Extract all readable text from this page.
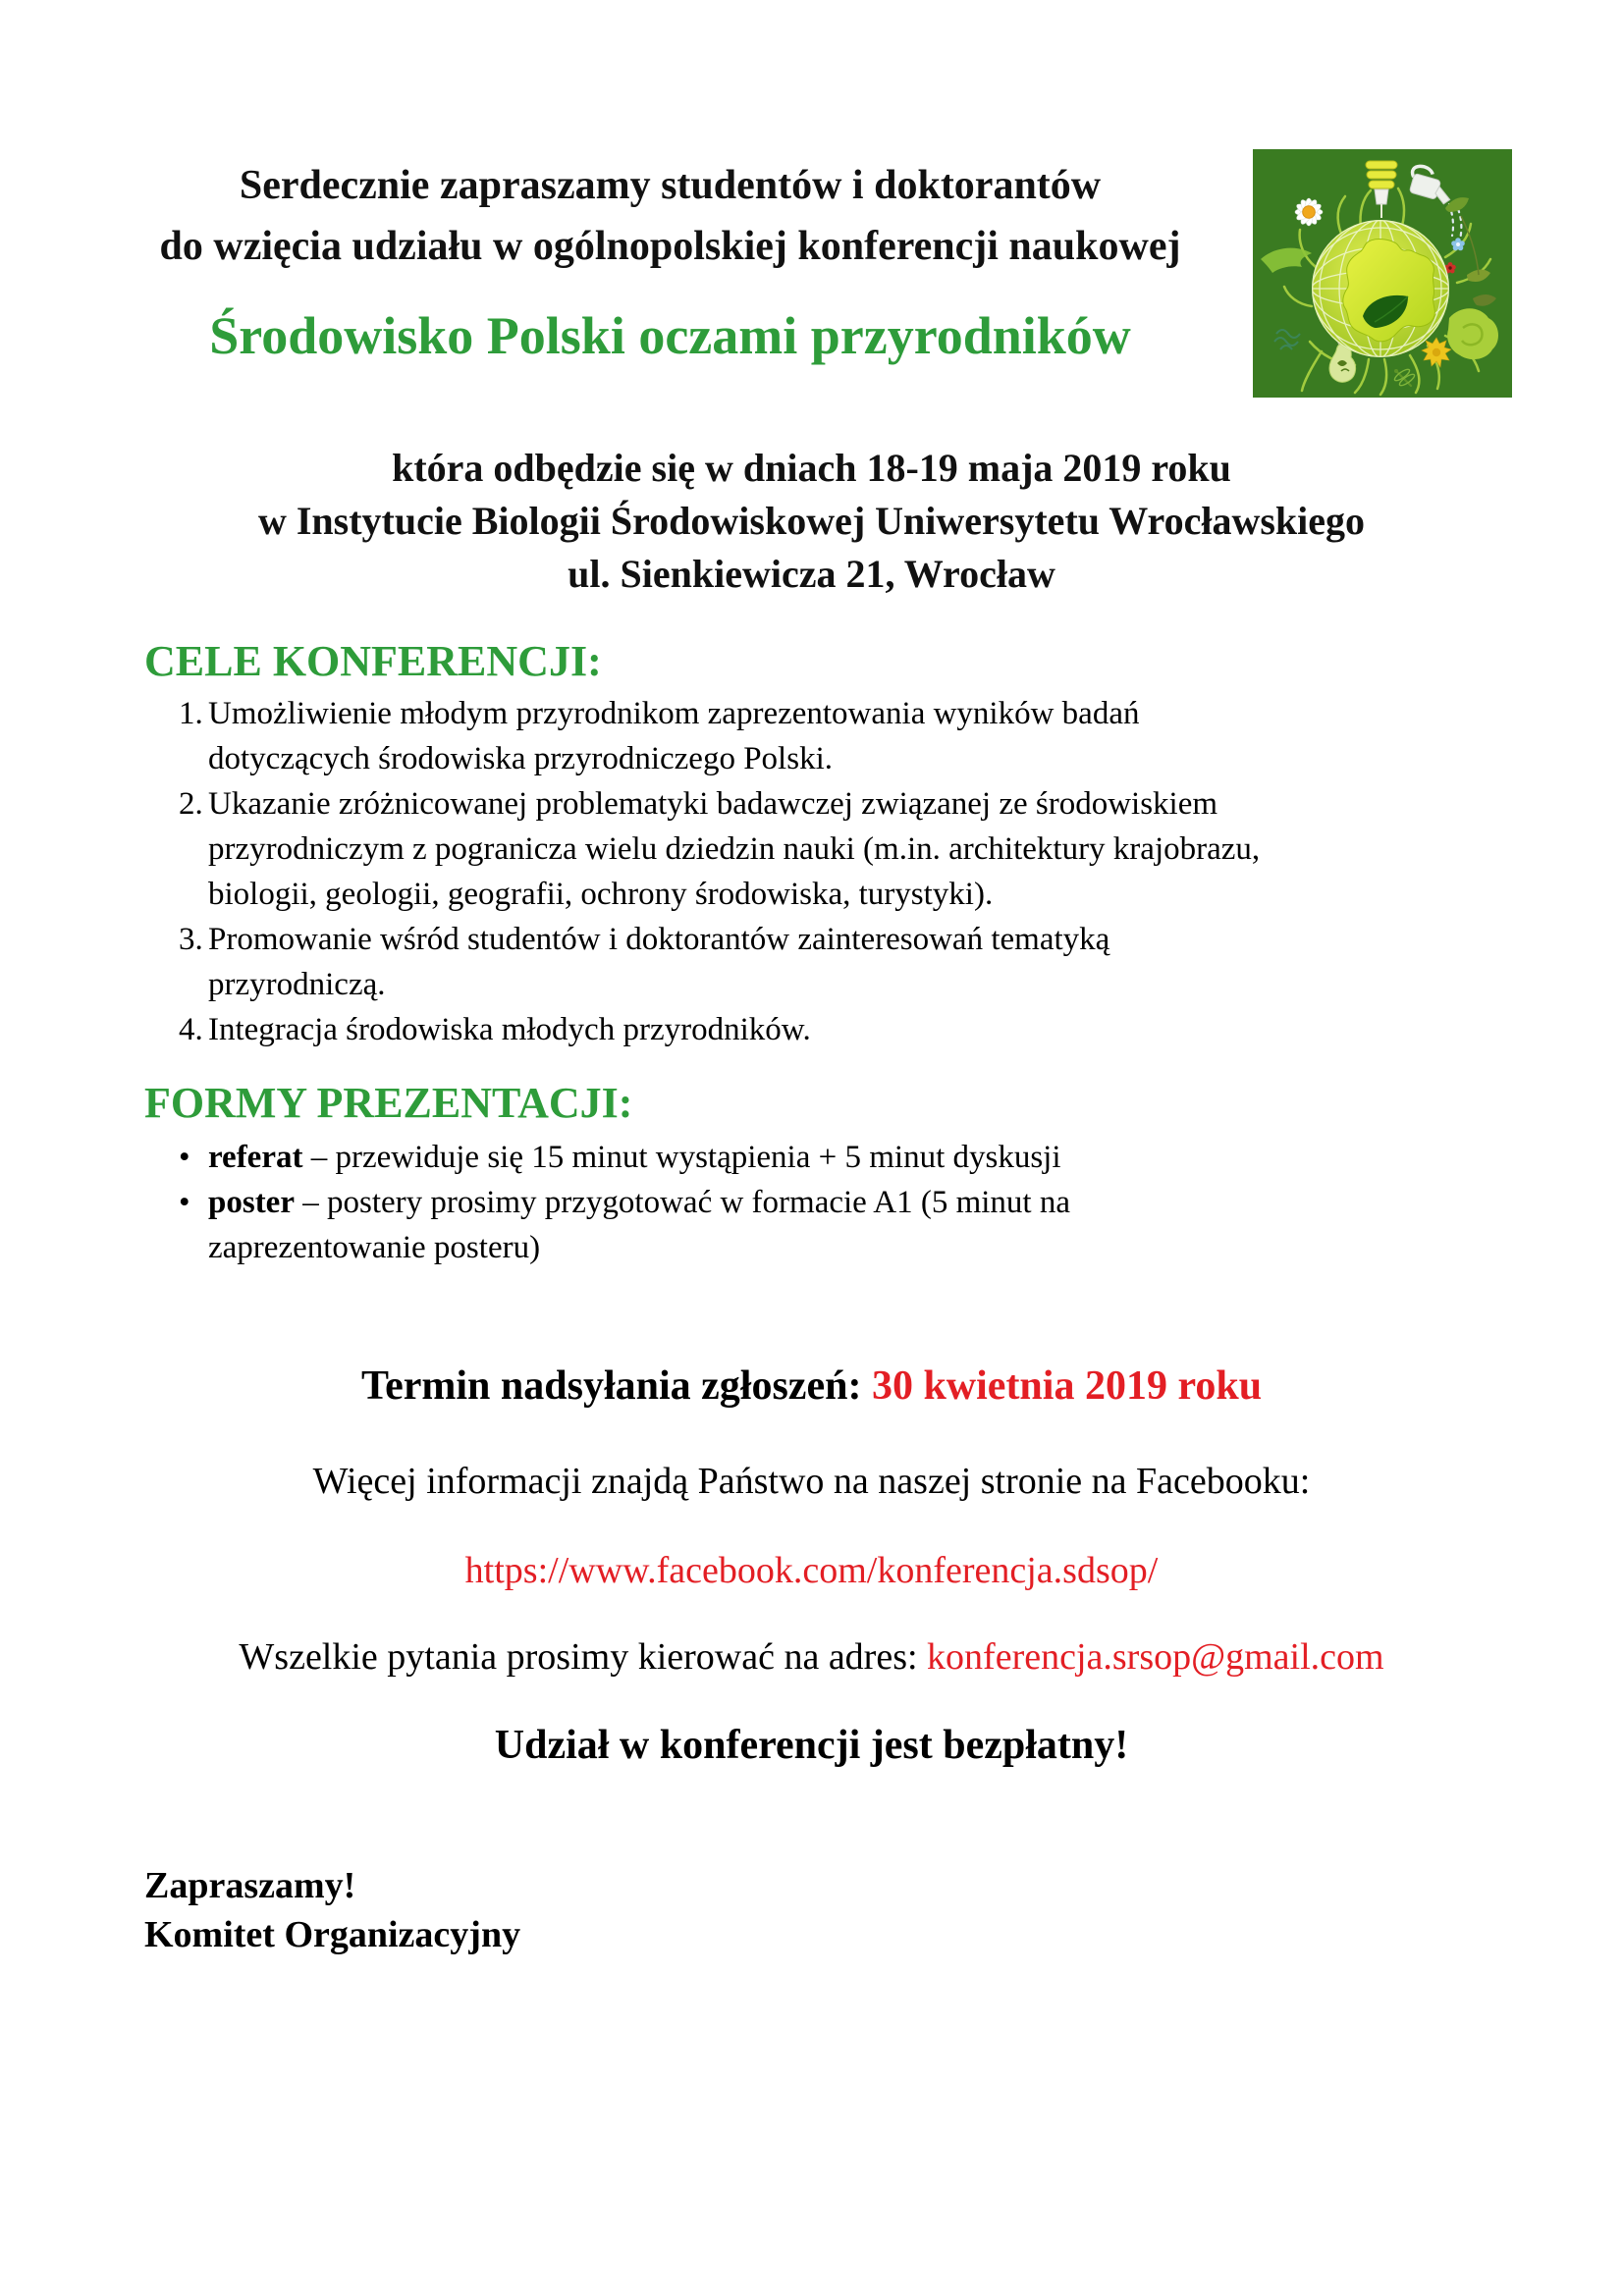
Serdecznie zapraszamy studentów i doktorantów

do wzięcia udziału w ogólnopolskiej konferencji naukowej

Środowisko Polski oczami przyrodników

która odbędzie się w dniach 18-19 maja 2019 roku

w Instytucie Biologii Środowiskowej Uniwersytetu Wrocławskiego

ul. Sienkiewicza 21, Wrocław

CELE KONFERENCJI:
1. Umożliwienie młodym przyrodnikom zaprezentowania wyników badań dotyczących środowiska przyrodniczego Polski.
2. Ukazanie zróżnicowanej problematyki badawczej związanej ze środowiskiem przyrodniczym z pogranicza wielu dziedzin nauki (m.in. architektury krajobrazu, biologii, geologii, geografii, ochrony środowiska, turystyki).
3. Promowanie wśród studentów i doktorantów zainteresowań tematyką przyrodniczą.
4. Integracja środowiska młodych przyrodników.
FORMY PREZENTACJI:
• referat – przewiduje się 15 minut wystąpienia + 5 minut dyskusji
• poster – postery prosimy przygotować w formacie A1 (5 minut na zaprezentowanie posteru)

Termin nadsyłania zgłoszeń: 30 kwietnia 2019 roku

Więcej informacji znajdą Państwo na naszej stronie na Facebooku:

https://www.facebook.com/konferencja.sdsop/

Wszelkie pytania prosimy kierować na adres: konferencja.srsop@gmail.com

Udział w konferencji jest bezpłatny!

Zapraszamy!

Komitet Organizacyjny
